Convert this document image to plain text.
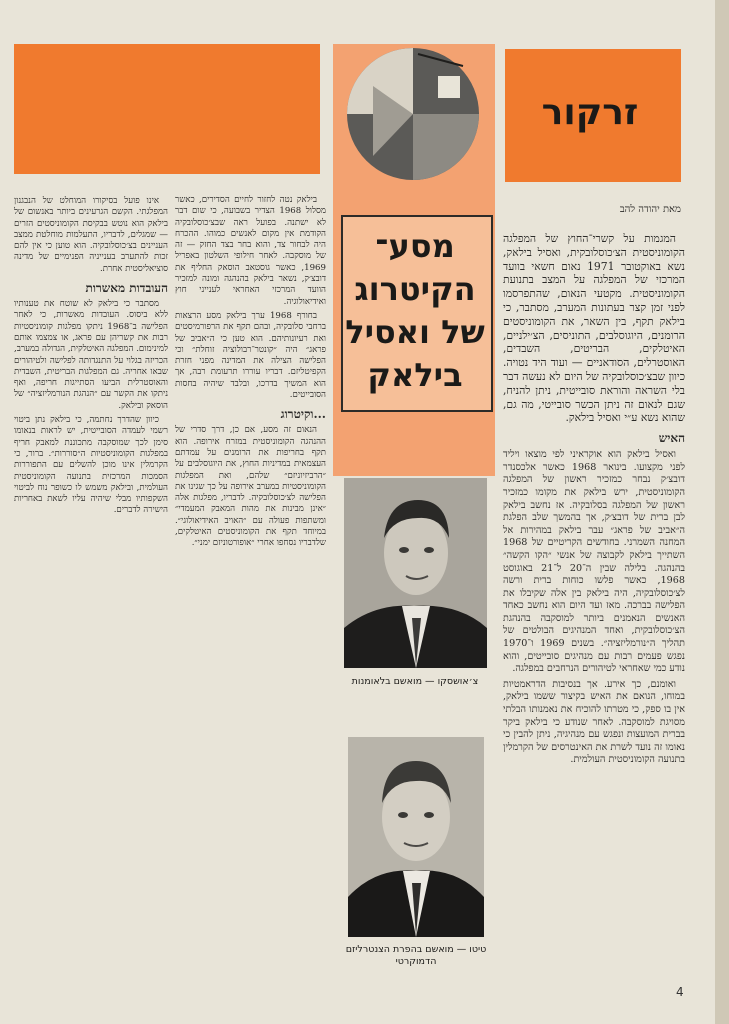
זרקור
מסע־ הקיטרוג של ואסיל בילאק
מאת יהודה להב

המגמות על קשרי־החוץ של המפלגה הקומוניסטית הצ׳כוסלובקית, ואסיל בילאק, נשא באוקטובר 1971 נאום חשאי בוועד המרכזי של המפלגה על המצב בתנועת הקומוניסטית. מקטעי הנאום, שהתפרסמו לפני זמן קצר בעתונות המערב, מסתבר, כי בילאק תקף, בין השאר, את הקומוניסטים הרומנים, היוגוסלבים, התוניסים, הצ׳ילניים, האיטלקים, הבריטים, השבדים, האוסטרלים, הסודאניים — ועוד היד נטויה. כיוון שבצ׳כוסלובקיה של היום לא נעשה דבר בלי השראה והוראת סובייטית, ניתן להניח, שגם לנאום זה ניתן הכשר סובייטי, מה גם, שהוא נשא ע״י ואסיל בילאק.

האיש

ואסיל בילאק הוא אוקראיני לפי מוצאו ויליד לפני מקצועו. בינואר 1968 כאשר אלכסנדר דובצ׳ק נבחר כמזכיר ראשון של המפלגה הקומוניסטית, ירש בילאק את מקומו כמזכיר ראשון של המפלגה בסלובקיה. אז נחשב בילאק לבן ברית של דובצ׳ק, אך בהמשך שלב הפלגת ה״אביב של פראג״ עבר בילאק במהירות אל המחנה השמרני. בחודשים הקריטיים של 1968 השתייך בילאק לקבוצה של אנשי ״הקו הקשה״ בהנהגה. בלילה שבין ה־20 ל־21 באוגוסט 1968, כאשר פלשו כוחות ברית ורשה לצ׳כוסלובקיה, היה בילאק בין אלה שקיבלו את הפלישה בברכה. מאז ועד היום הוא נחשב כאחד האנשים הנאמנים ביותר למוסקבה בהנהגת הצ׳כוסלובקית, ואחד המנהיגים הבולטים של תהליך ה״נורמליזציה״. בשנים 1969 ו־1970 נפגש פעמים רבות עם מנהיגים סובייטים, והוא נודע כמי שאחראי לטיהורים הנרחבים במפלגה.

ואומנם, כך אירע. אך בנסיבות הדראמטיות במוחו, הנואם את האיש בקיצור ששמו בילאק, אין בו ספק, כי מטרתו להוכיח את נאמנותו הבלתי מסויגת למוסקבה. לאחר שנודע כי בילאק ביקר בברית המועצות ונפגש עם מנהיגיה, ניתן להבין כי נאומו זה נועד לשרת את האינטרסים של הקרמלין בתנועה הקומוניסטית העולמית.

בילאק נטה לחזור לחיים הסדירים, כאשר מסלול 1968 הצדיר בשבועה, כי שום דבר לא ישתנה. בפועל ראה שבצ׳כוסלובקיה הקודמת אין מקום לאנשים כמוהו. ההכרח היה לבחור צד, והוא בחר בצד החזק — זה של מוסקבה. לאחר חילופי השלטון באפריל 1969, כאשר גוסטאב הוסאק החליף את דובצ׳ק, נשאר בילאק בהנהגה ומונה למזכיר הוועד המרכזי האחראי לענייני חוץ ואידיאולוגיה.

בחורף 1968 ערך בילאק מסע הרצאות ברחבי סלובקיה, ובהם תקף את הרפורמיסטים ואת רעיונותיהם. הוא טען כי ה״אביב של פראג״ היה ״קונטר־רבולוציה זוחלת״ וכי הפלישה הצילה את המדינה מפני חזרת הקפיטליזם. דבריו עוררו תרעומת רבה, אך הוא המשיך בדרכו, ובלבד שיהיה בחסות הסובייטים.

...וקיטרוג

הנאום זה מסע, אם כן, דרך סדרי של ההנהגה הקומוניסטית במזרח אירופה. הוא תקף בחריפות את הרומנים על עמדתם העצמאית במדיניות החוץ, את היוגוסלבים על ״הרביזיוניזם״ שלהם, ואת המפלגות הקומוניסטיות במערב אירופה על כך שגינו את הפלישה לצ׳כוסלובקיה. לדבריו, מפלגות אלה ״אינן מבינות את מהות המאבק המעמדי״ ומשתפות פעולה עם ״האויב האידיאולוגי״. במיוחד תקף את הקומוניסטים האיטלקים, שלדבריו נסחפו אחרי ״אופורטוניזם ימני״.

אינו פועל בסיקורו המוחלט של הנבגנון המפלגתי. הקשם הגרעינים ביותר באנשום של בילאק הוא נוטש בבקיסת הקומוניסטים הזרים — שמגלים, לדבריו, התעלמות מוחלטת ממצב העניינים בצ׳כוסלובקיה. הוא טוען כי אין להם זכות להתערב בענייניה הפנימיים של מדינה סוציאליסטית אחרת.

העובדות מאשרות

מסתבר כי בילאק לא שוטח את טענותיו ללא ביסוס. העובדות מאשרות, כי לאחר הפלישה ב־1968 ניתקו מפלגות קומוניסטיות רבות את קשריהן עם פראג, או צמצמו אותם למינימום. המפלגה האיטלקית, הגדולה במערב, הכריזה בגלוי על התנגדותה לפלישה ולטיהורים שבאו אחריה. גם המפלגות הבריטית, השבדית והאוסטרלית הביעו הסתייגות חריפה, ואף ניתקו את הקשר עם ״הנהגת הנורמליזציה״ של הוסאק ובילאק.

כיוון שהדרך נחתמה, כי בילאק נתן ביטוי רשמי לעמדה הסובייטית, יש לראות בנאומו סימן לכך שמוסקבה מתכוננת למאבק חריף במפלגות הקומוניסטיות ה״סוררות״. ברור, כי הקרמלין אינו מוכן להשלים עם התפוררות הסמכות המרכזית בתנועה הקומוניסטית העולמית, ובילאק משמש לו כשופר נוח לביטוי השקפותיו מבלי שיהיה עליו לשאת באחריות הישירה לדברים.

צ׳אושסקו — מואשם בלאומנות
טיטו — מואשם בהפרת הצנטרליזם הדמוקרטי
4
